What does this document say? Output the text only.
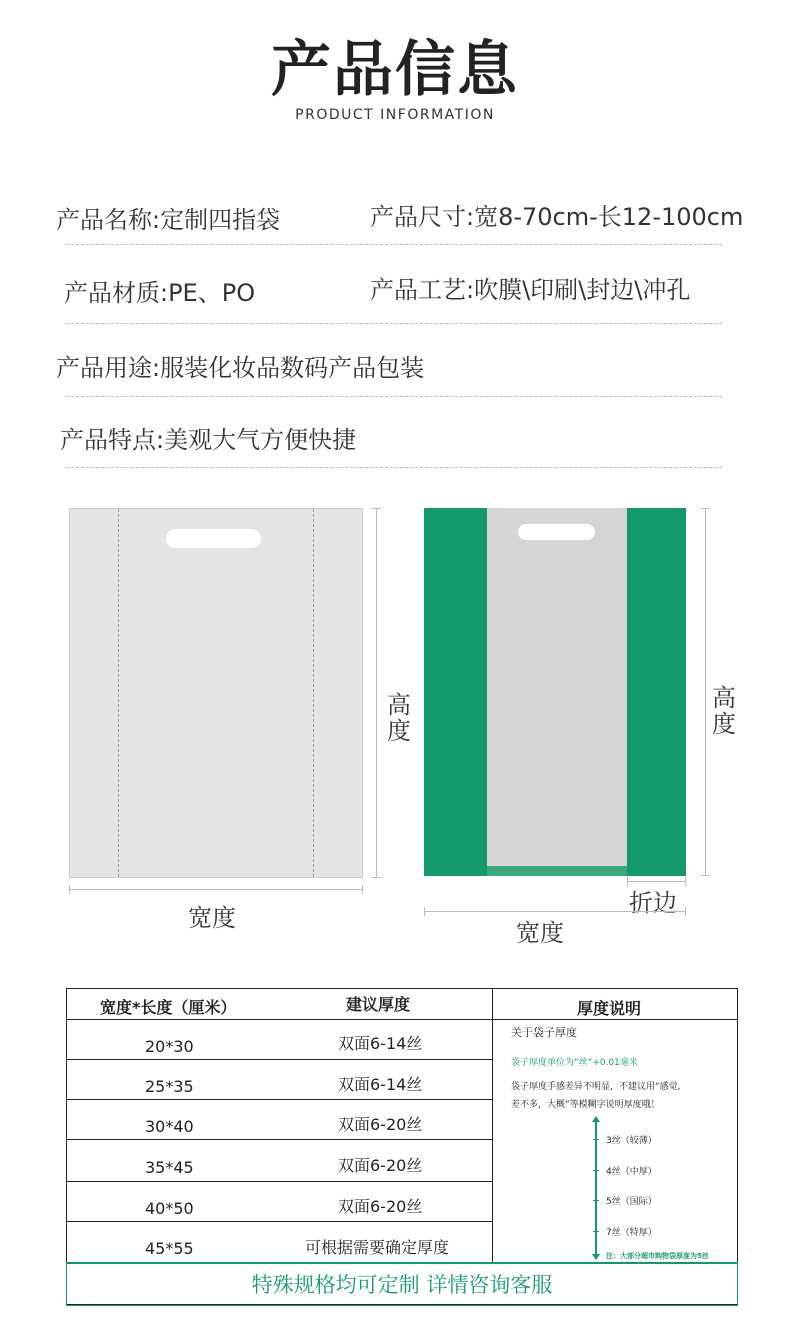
产品信息
PRODUCT INFORMATION
产品名称:定制四指袋	产品尺寸:宽8-70cm-长12-100cm
产品材质:PE、PO	产品工艺:吹膜\印刷\封边\冲孔
产品用途:服装化妆品数码产品包装
产品特点:美观大气方便快捷
高度
宽度
高度
折边
宽度
宽度*长度（厘米）	建议厚度	厚度说明
20*30	双面6-14丝
25*35	双面6-14丝
30*40	双面6-20丝
35*45	双面6-20丝
40*50	双面6-20丝
45*55	可根据需要确定厚度
关于袋子厚度
袋子厚度单位为“丝”+0.01毫米
袋子厚度手感差异不明显，不建议用“感觉,
差不多，大概”等模糊字说明厚度哦！
3丝（较薄）
4丝（中厚）
5丝（国际）
7丝（特厚）
注：大部分超市购物袋厚度为5丝
特殊规格均可定制 详情咨询客服
